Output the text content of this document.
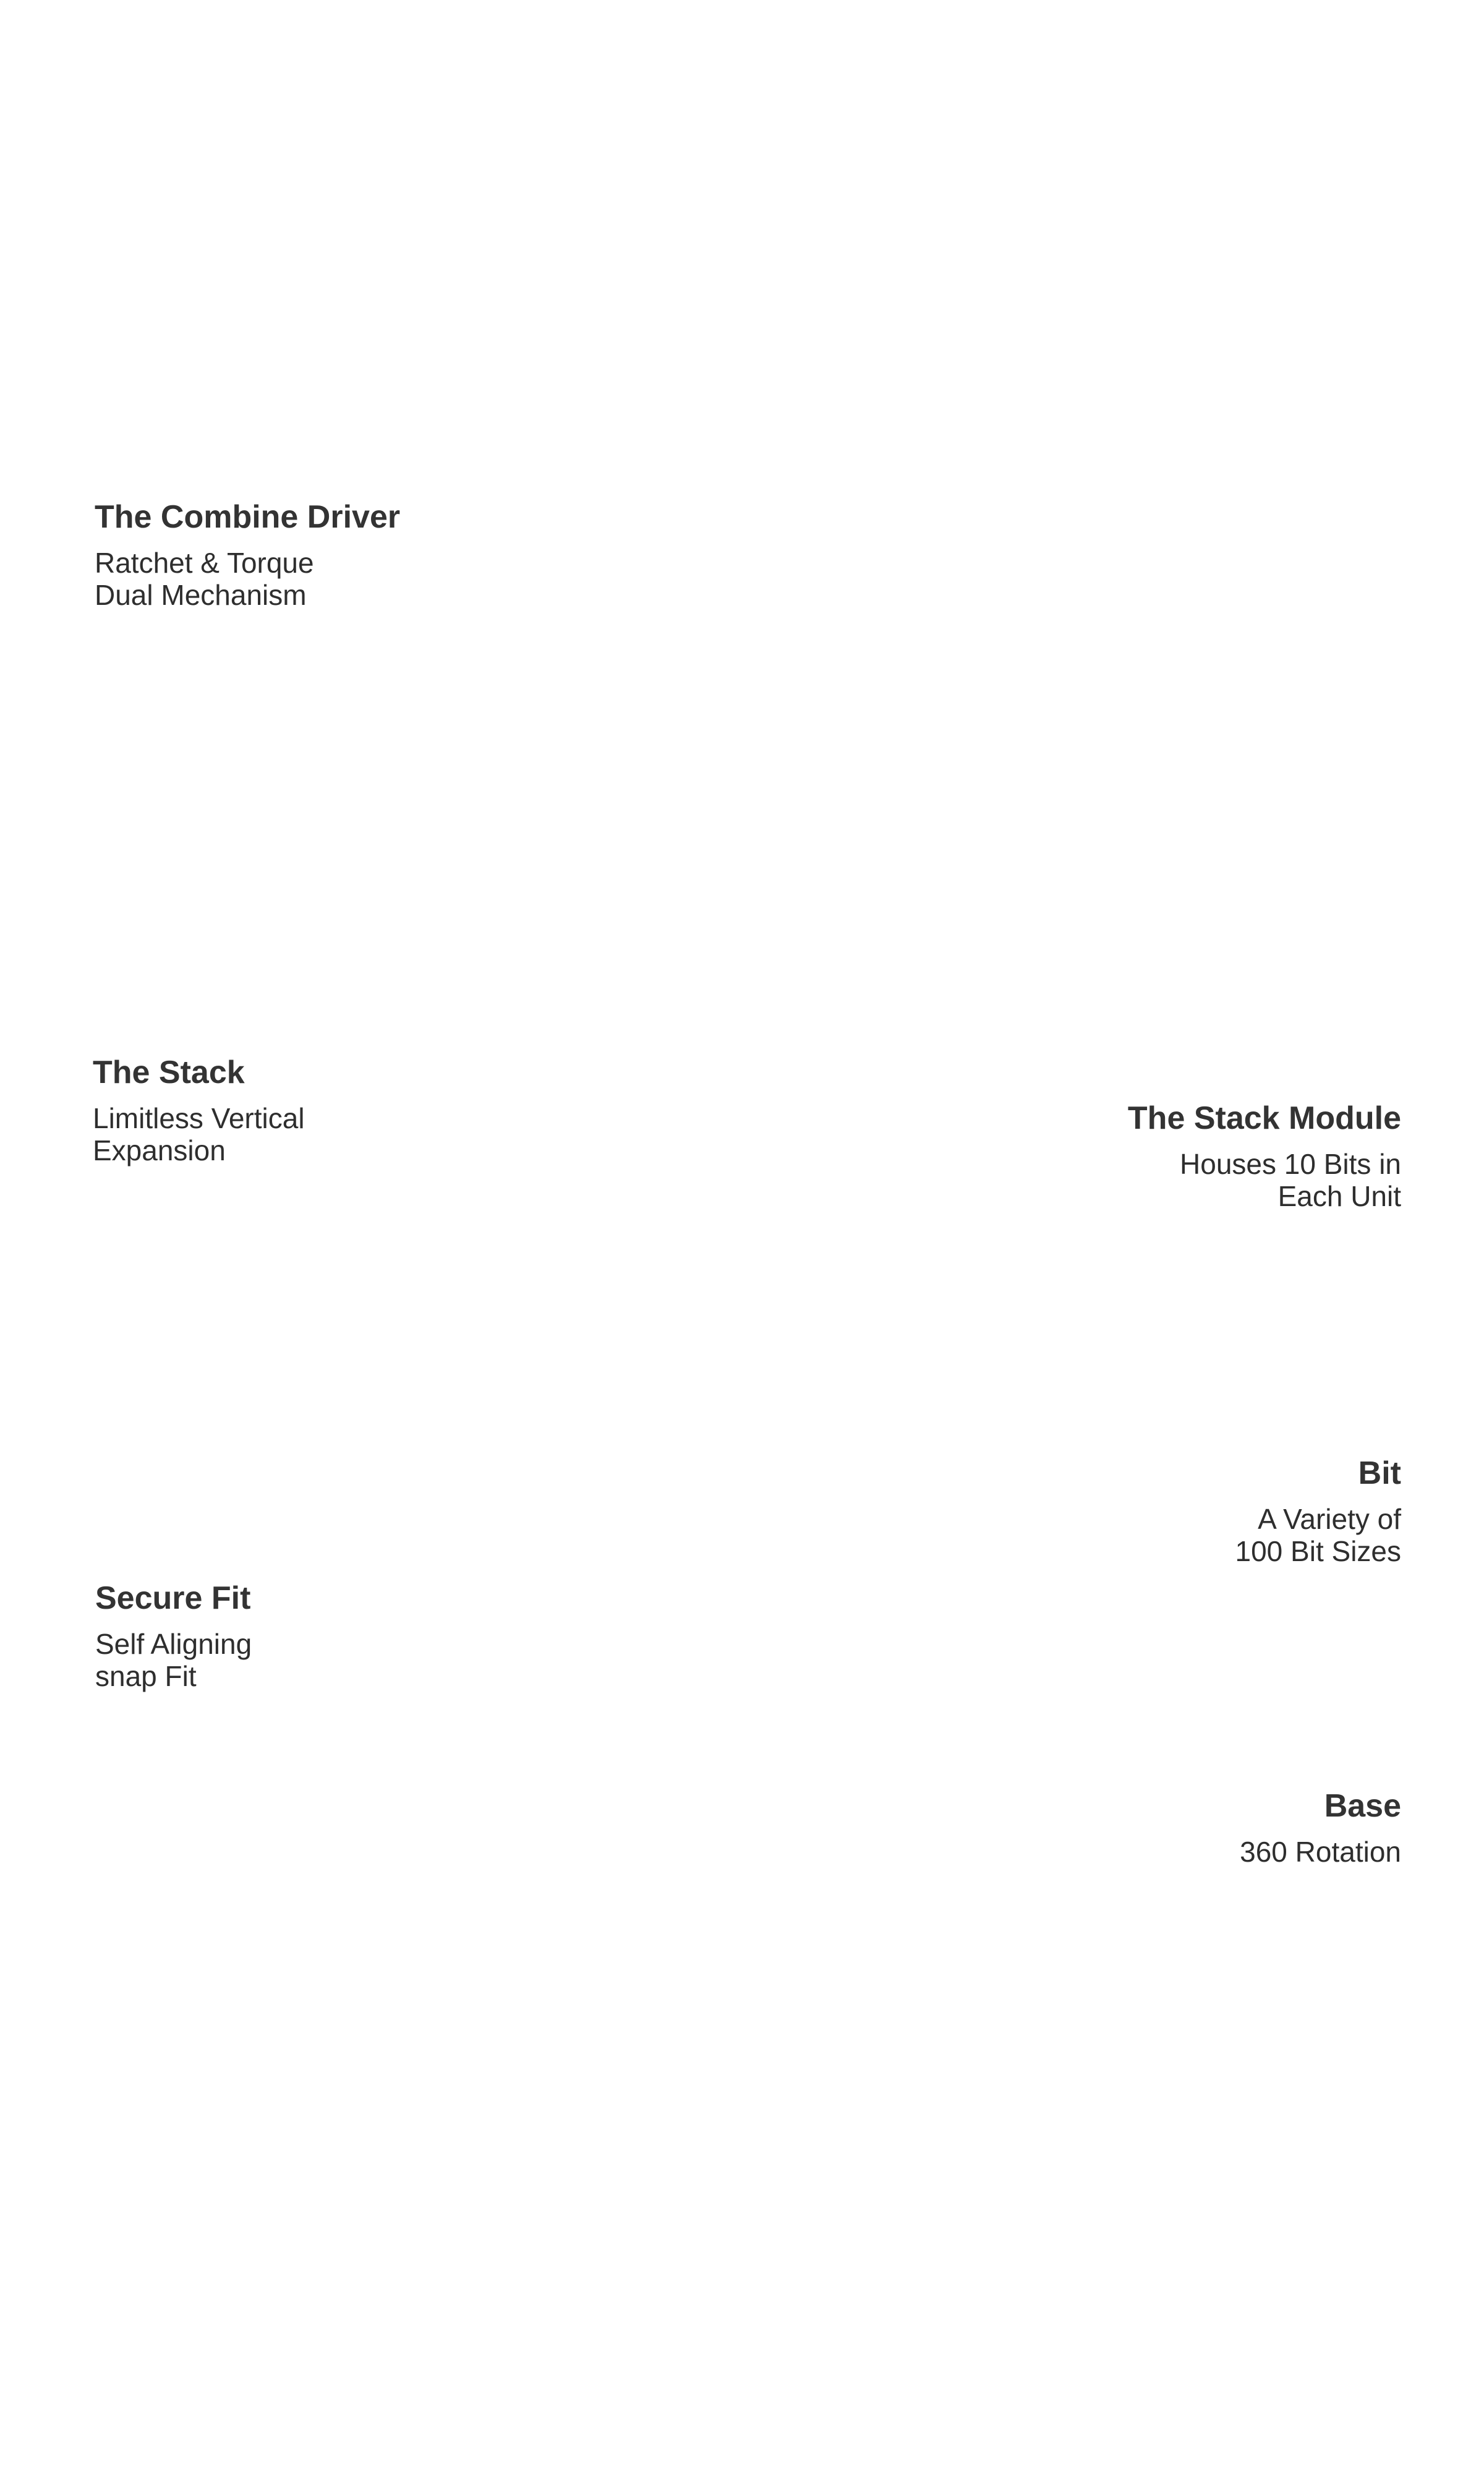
The Combine Driver

Ratchet & Torque
Dual Mechanism

The Stack

Limitless Vertical
Expansion

The Stack Module

Houses 10 Bits in
Each Unit

Bit

A Variety of
100 Bit Sizes

Secure Fit

Self Aligning
snap Fit

Base

360 Rotation
